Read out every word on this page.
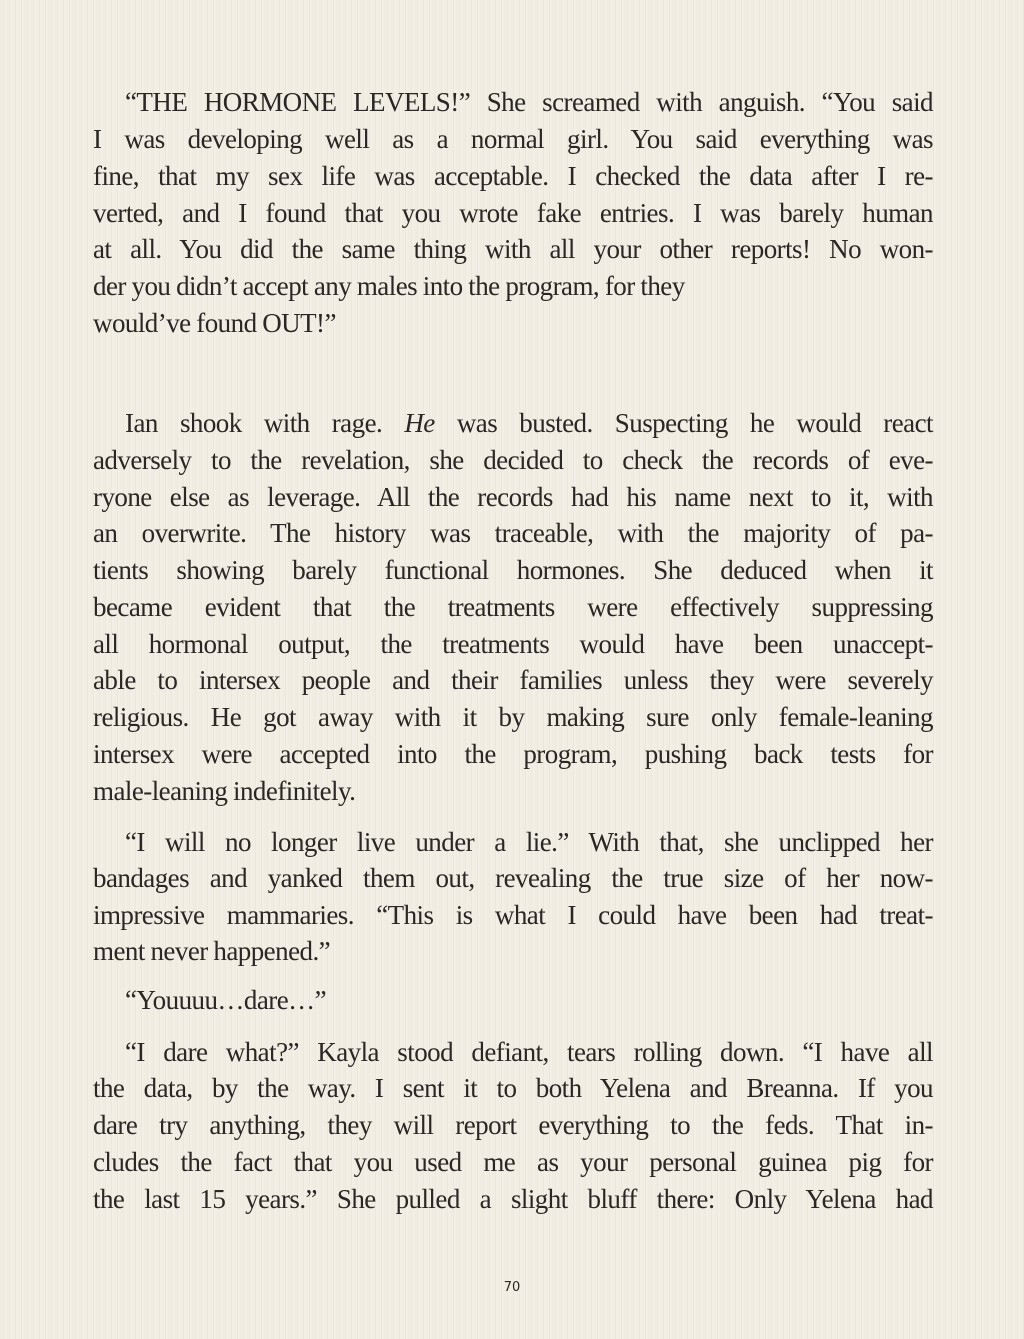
“THE HORMONE LEVELS!” She screamed with anguish. “You said
I was developing well as a normal girl. You said everything was
fine, that my sex life was acceptable. I checked the data after I re-
verted, and I found that you wrote fake entries. I was barely human
at all. You did the same thing with all your other reports! No won-
der you didn’t accept any males into the program, for they
would’ve found OUT!”
Ian shook with rage. He was busted. Suspecting he would react
adversely to the revelation, she decided to check the records of eve-
ryone else as leverage. All the records had his name next to it, with
an overwrite. The history was traceable, with the majority of pa-
tients showing barely functional hormones. She deduced when it
became evident that the treatments were effectively suppressing
all hormonal output, the treatments would have been unaccept-
able to intersex people and their families unless they were severely
religious. He got away with it by making sure only female-leaning
intersex were accepted into the program, pushing back tests for
male-leaning indefinitely.
“I will no longer live under a lie.” With that, she unclipped her
bandages and yanked them out, revealing the true size of her now-
impressive mammaries. “This is what I could have been had treat-
ment never happened.”
“Youuuu…dare…”
“I dare what?” Kayla stood defiant, tears rolling down. “I have all
the data, by the way. I sent it to both Yelena and Breanna. If you
dare try anything, they will report everything to the feds. That in-
cludes the fact that you used me as your personal guinea pig for
the last 15 years.” She pulled a slight bluff there: Only Yelena had
70
